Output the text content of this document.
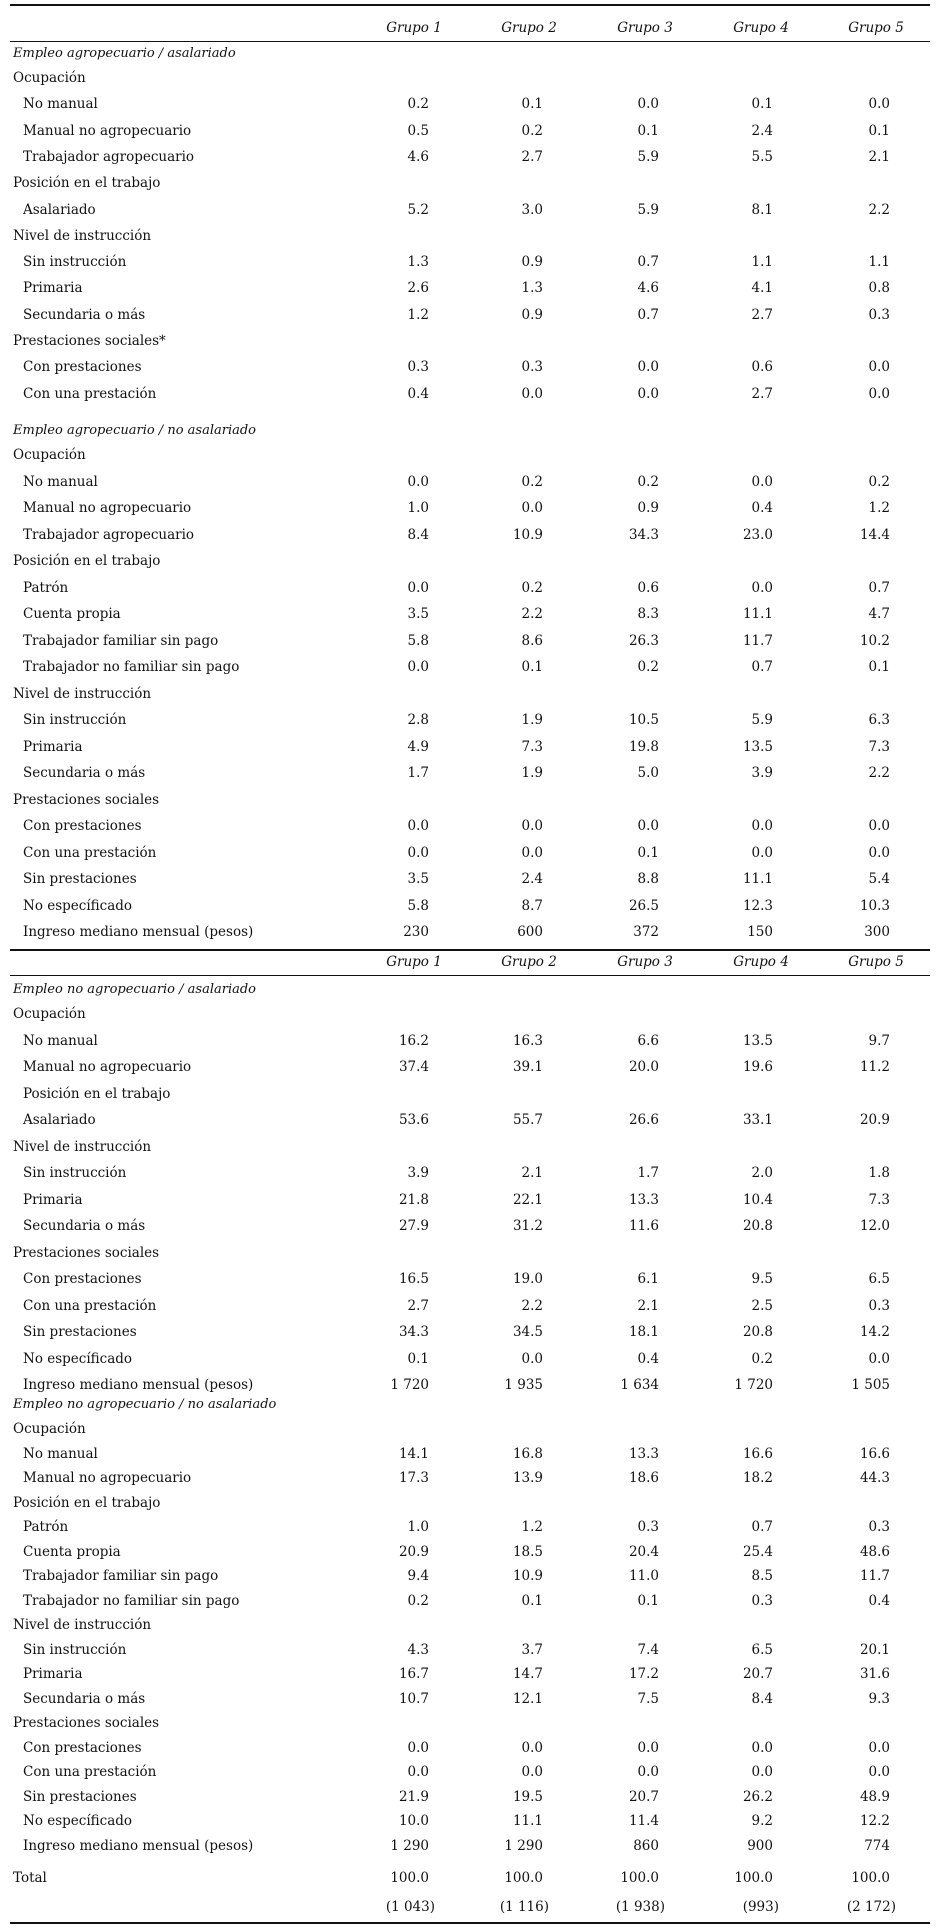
Grupo 1	Grupo 2	Grupo 3	Grupo 4	Grupo 5
Empleo agropecuario / asalariado
Ocupación
No manual	0.2	0.1	0.0	0.1	0.0
Manual no agropecuario	0.5	0.2	0.1	2.4	0.1
Trabajador agropecuario	4.6	2.7	5.9	5.5	2.1
Posición en el trabajo
Asalariado	5.2	3.0	5.9	8.1	2.2
Nivel de instrucción
Sin instrucción	1.3	0.9	0.7	1.1	1.1
Primaria	2.6	1.3	4.6	4.1	0.8
Secundaria o más	1.2	0.9	0.7	2.7	0.3
Prestaciones sociales*
Con prestaciones	0.3	0.3	0.0	0.6	0.0
Con una prestación	0.4	0.0	0.0	2.7	0.0
Empleo agropecuario / no asalariado
Ocupación
No manual	0.0	0.2	0.2	0.0	0.2
Manual no agropecuario	1.0	0.0	0.9	0.4	1.2
Trabajador agropecuario	8.4	10.9	34.3	23.0	14.4
Posición en el trabajo
Patrón	0.0	0.2	0.6	0.0	0.7
Cuenta propia	3.5	2.2	8.3	11.1	4.7
Trabajador familiar sin pago	5.8	8.6	26.3	11.7	10.2
Trabajador no familiar sin pago	0.0	0.1	0.2	0.7	0.1
Nivel de instrucción
Sin instrucción	2.8	1.9	10.5	5.9	6.3
Primaria	4.9	7.3	19.8	13.5	7.3
Secundaria o más	1.7	1.9	5.0	3.9	2.2
Prestaciones sociales
Con prestaciones	0.0	0.0	0.0	0.0	0.0
Con una prestación	0.0	0.0	0.1	0.0	0.0
Sin prestaciones	3.5	2.4	8.8	11.1	5.4
No específicado	5.8	8.7	26.5	12.3	10.3
Ingreso mediano mensual (pesos)	230	600	372	150	300
Grupo 1	Grupo 2	Grupo 3	Grupo 4	Grupo 5
Empleo no agropecuario / asalariado
Ocupación
No manual	16.2	16.3	6.6	13.5	9.7
Manual no agropecuario	37.4	39.1	20.0	19.6	11.2
Posición en el trabajo
Asalariado	53.6	55.7	26.6	33.1	20.9
Nivel de instrucción
Sin instrucción	3.9	2.1	1.7	2.0	1.8
Primaria	21.8	22.1	13.3	10.4	7.3
Secundaria o más	27.9	31.2	11.6	20.8	12.0
Prestaciones sociales
Con prestaciones	16.5	19.0	6.1	9.5	6.5
Con una prestación	2.7	2.2	2.1	2.5	0.3
Sin prestaciones	34.3	34.5	18.1	20.8	14.2
No específicado	0.1	0.0	0.4	0.2	0.0
Ingreso mediano mensual (pesos)	1 720	1 935	1 634	1 720	1 505
Empleo no agropecuario / no asalariado
Ocupación
No manual	14.1	16.8	13.3	16.6	16.6
Manual no agropecuario	17.3	13.9	18.6	18.2	44.3
Posición en el trabajo
Patrón	1.0	1.2	0.3	0.7	0.3
Cuenta propia	20.9	18.5	20.4	25.4	48.6
Trabajador familiar sin pago	9.4	10.9	11.0	8.5	11.7
Trabajador no familiar sin pago	0.2	0.1	0.1	0.3	0.4
Nivel de instrucción
Sin instrucción	4.3	3.7	7.4	6.5	20.1
Primaria	16.7	14.7	17.2	20.7	31.6
Secundaria o más	10.7	12.1	7.5	8.4	9.3
Prestaciones sociales
Con prestaciones	0.0	0.0	0.0	0.0	0.0
Con una prestación	0.0	0.0	0.0	0.0	0.0
Sin prestaciones	21.9	19.5	20.7	26.2	48.9
No específicado	10.0	11.1	11.4	9.2	12.2
Ingreso mediano mensual (pesos)	1 290	1 290	860	900	774
Total	100.0	100.0	100.0	100.0	100.0
(1 043)	(1 116)	(1 938)	(993)	(2 172)
